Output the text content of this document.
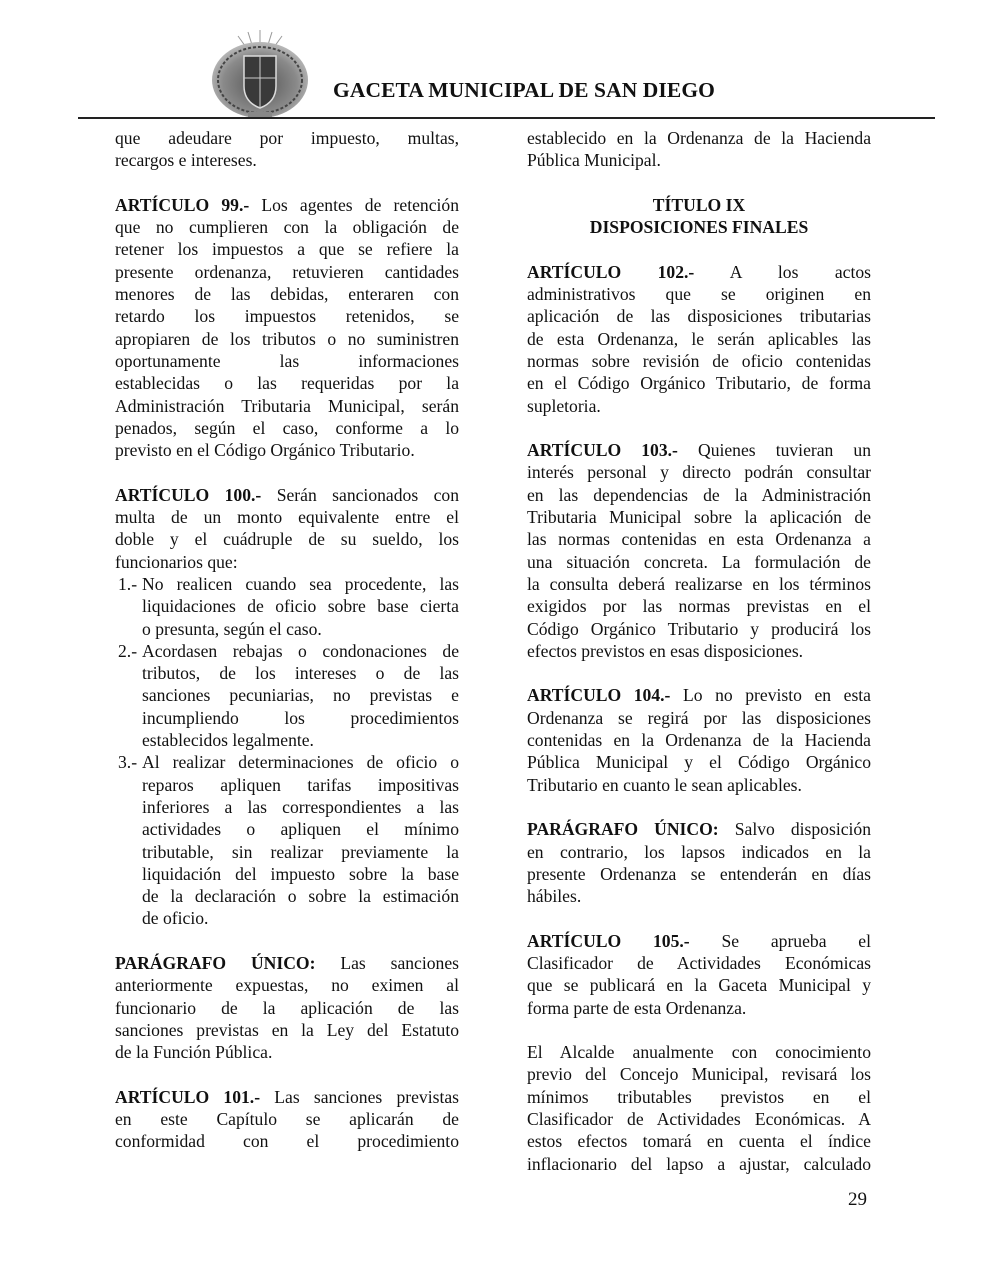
GACETA MUNICIPAL DE SAN DIEGO
que adeudare por impuesto, multas,
recargos e intereses.
ARTÍCULO 99.- Los agentes de retención
que no cumplieren con la obligación de
retener los impuestos a que se refiere la
presente ordenanza, retuvieren cantidades
menores de las debidas, enteraren con
retardo los impuestos retenidos, se
apropiaren de los tributos o no suministren
oportunamente las informaciones
establecidas o las requeridas por la
Administración Tributaria Municipal, serán
penados, según el caso, conforme a lo
previsto en el Código Orgánico Tributario.
ARTÍCULO 100.- Serán sancionados con
multa de un monto equivalente entre el
doble y el cuádruple de su sueldo, los
funcionarios que:
1.- No realicen cuando sea procedente, las
liquidaciones de oficio sobre base cierta
o presunta, según el caso.
2.- Acordasen rebajas o condonaciones de
tributos, de los intereses o de las
sanciones pecuniarias, no previstas e
incumpliendo los procedimientos
establecidos legalmente.
3.- Al realizar determinaciones de oficio o
reparos apliquen tarifas impositivas
inferiores a las correspondientes a las
actividades o apliquen el mínimo
tributable, sin realizar previamente la
liquidación del impuesto sobre la base
de la declaración o sobre la estimación
de oficio.
PARÁGRAFO ÚNICO: Las sanciones
anteriormente expuestas, no eximen al
funcionario de la aplicación de las
sanciones previstas en la Ley del Estatuto
de la Función Pública.
ARTÍCULO 101.- Las sanciones previstas
en este Capítulo se aplicarán de
conformidad con el procedimiento
establecido en la Ordenanza de la Hacienda
Pública Municipal.
TÍTULO IX
DISPOSICIONES FINALES
ARTÍCULO 102.- A los actos
administrativos que se originen en
aplicación de las disposiciones tributarias
de esta Ordenanza, le serán aplicables las
normas sobre revisión de oficio contenidas
en el Código Orgánico Tributario, de forma
supletoria.
ARTÍCULO 103.- Quienes tuvieran un
interés personal y directo podrán consultar
en las dependencias de la Administración
Tributaria Municipal sobre la aplicación de
las normas contenidas en esta Ordenanza a
una situación concreta. La formulación de
la consulta deberá realizarse en los términos
exigidos por las normas previstas en el
Código Orgánico Tributario y producirá los
efectos previstos en esas disposiciones.
ARTÍCULO 104.- Lo no previsto en esta
Ordenanza se regirá por las disposiciones
contenidas en la Ordenanza de la Hacienda
Pública Municipal y el Código Orgánico
Tributario en cuanto le sean aplicables.
PARÁGRAFO ÚNICO: Salvo disposición
en contrario, los lapsos indicados en la
presente Ordenanza se entenderán en días
hábiles.
ARTÍCULO 105.- Se aprueba el
Clasificador de Actividades Económicas
que se publicará en la Gaceta Municipal y
forma parte de esta Ordenanza.
El Alcalde anualmente con conocimiento
previo del Concejo Municipal, revisará los
mínimos tributables previstos en el
Clasificador de Actividades Económicas. A
estos efectos tomará en cuenta el índice
inflacionario del lapso a ajustar, calculado
29
